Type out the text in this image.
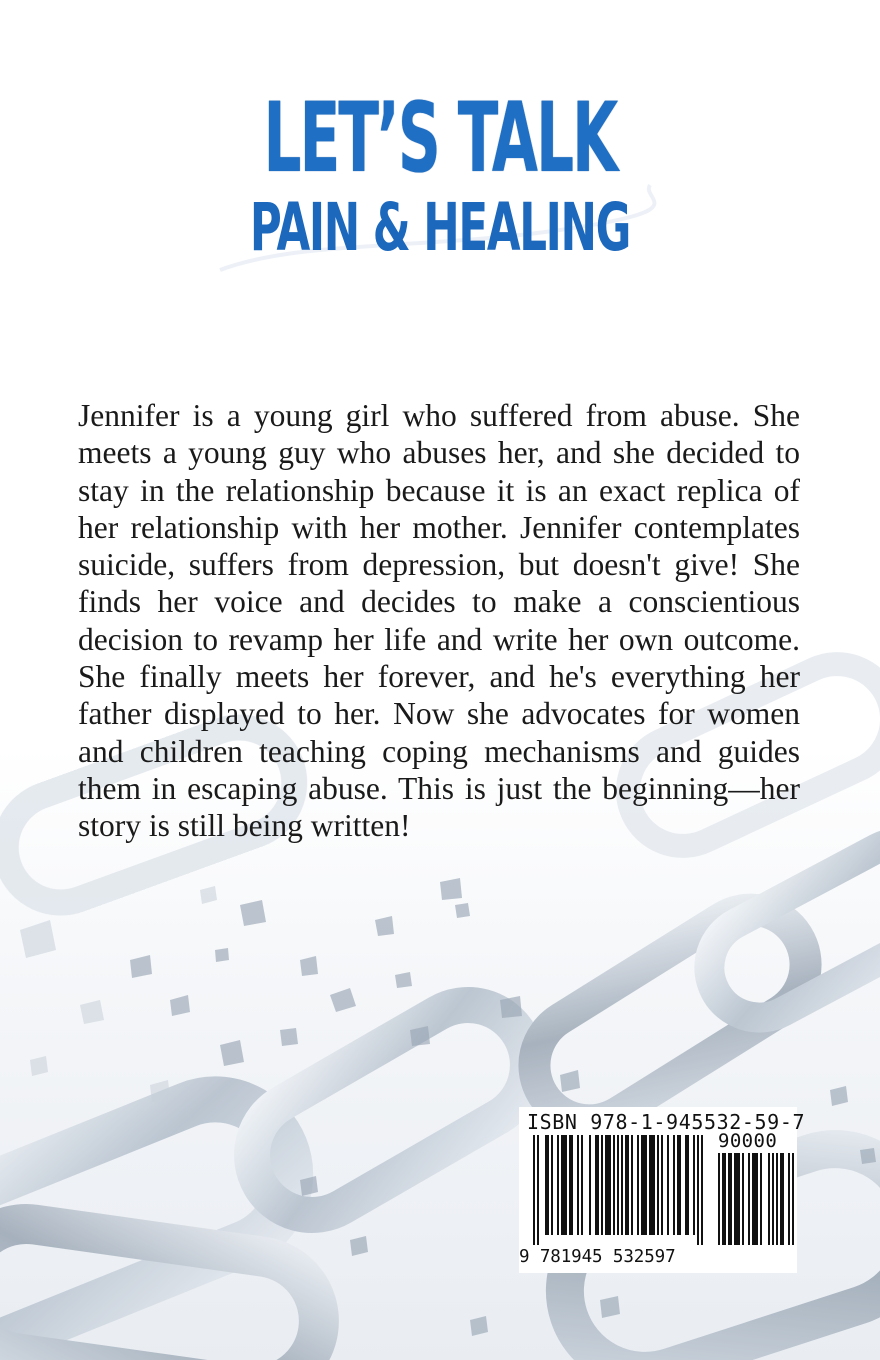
LET’S TALK
PAIN & HEALING

Jennifer is a young girl who suffered from abuse. She meets a young guy who abuses her, and she decided to stay in the relationship because it is an exact replica of her relationship with her mother. Jennifer contemplates suicide, suffers from depression, but doesn't give! She finds her voice and decides to make a conscientious decision to revamp her life and write her own outcome. She finally meets her forever, and he's everything her father displayed to her. Now she advocates for women and children teaching coping mechanisms and guides them in escaping abuse. This is just the beginning—her story is still being written!

ISBN 978-1-945532-59-7
90000
9 781945 532597
